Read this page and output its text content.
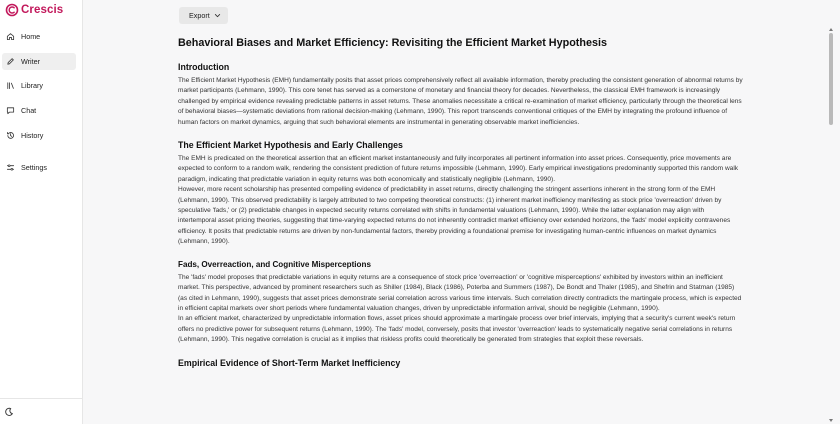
Crescis
Home
Writer
Library
Chat
History
Settings
Export
Behavioral Biases and Market Efficiency: Revisiting the Efficient Market Hypothesis
Introduction

The Efficient Market Hypothesis (EMH) fundamentally posits that asset prices comprehensively reflect all available information, thereby precluding the consistent generation of abnormal returns by market participants (Lehmann, 1990). This core tenet has served as a cornerstone of monetary and financial theory for decades. Nevertheless, the classical EMH framework is increasingly challenged by empirical evidence revealing predictable patterns in asset returns. These anomalies necessitate a critical re-examination of market efficiency, particularly through the theoretical lens of behavioral biases—systematic deviations from rational decision-making (Lehmann, 1990). This report transcends conventional critiques of the EMH by integrating the profound influence of human factors on market dynamics, arguing that such behavioral elements are instrumental in generating observable market inefficiencies.

The Efficient Market Hypothesis and Early Challenges

The EMH is predicated on the theoretical assertion that an efficient market instantaneously and fully incorporates all pertinent information into asset prices. Consequently, price movements are expected to conform to a random walk, rendering the consistent prediction of future returns impossible (Lehmann, 1990). Early empirical investigations predominantly supported this random walk paradigm, indicating that predictable variation in equity returns was both economically and statistically negligible (Lehmann, 1990).

However, more recent scholarship has presented compelling evidence of predictability in asset returns, directly challenging the stringent assertions inherent in the strong form of the EMH (Lehmann, 1990). This observed predictability is largely attributed to two competing theoretical constructs: (1) inherent market inefficiency manifesting as stock price 'overreaction' driven by speculative 'fads,' or (2) predictable changes in expected security returns correlated with shifts in fundamental valuations (Lehmann, 1990). While the latter explanation may align with intertemporal asset pricing theories, suggesting that time-varying expected returns do not inherently contradict market efficiency over extended horizons, the 'fads' model explicitly contravenes efficiency. It posits that predictable returns are driven by non-fundamental factors, thereby providing a foundational premise for investigating human-centric influences on market dynamics (Lehmann, 1990).

Fads, Overreaction, and Cognitive Misperceptions

The 'fads' model proposes that predictable variations in equity returns are a consequence of stock price 'overreaction' or 'cognitive misperceptions' exhibited by investors within an inefficient market. This perspective, advanced by prominent researchers such as Shiller (1984), Black (1986), Poterba and Summers (1987), De Bondt and Thaler (1985), and Shefrin and Statman (1985) (as cited in Lehmann, 1990), suggests that asset prices demonstrate serial correlation across various time intervals. Such correlation directly contradicts the martingale process, which is expected in efficient capital markets over short periods where fundamental valuation changes, driven by unpredictable information arrival, should be negligible (Lehmann, 1990).

In an efficient market, characterized by unpredictable information flows, asset prices should approximate a martingale process over brief intervals, implying that a security's current week's return offers no predictive power for subsequent returns (Lehmann, 1990). The 'fads' model, conversely, posits that investor 'overreaction' leads to systematically negative serial correlations in returns (Lehmann, 1990). This negative correlation is crucial as it implies that riskless profits could theoretically be generated from strategies that exploit these reversals.

Empirical Evidence of Short-Term Market Inefficiency
